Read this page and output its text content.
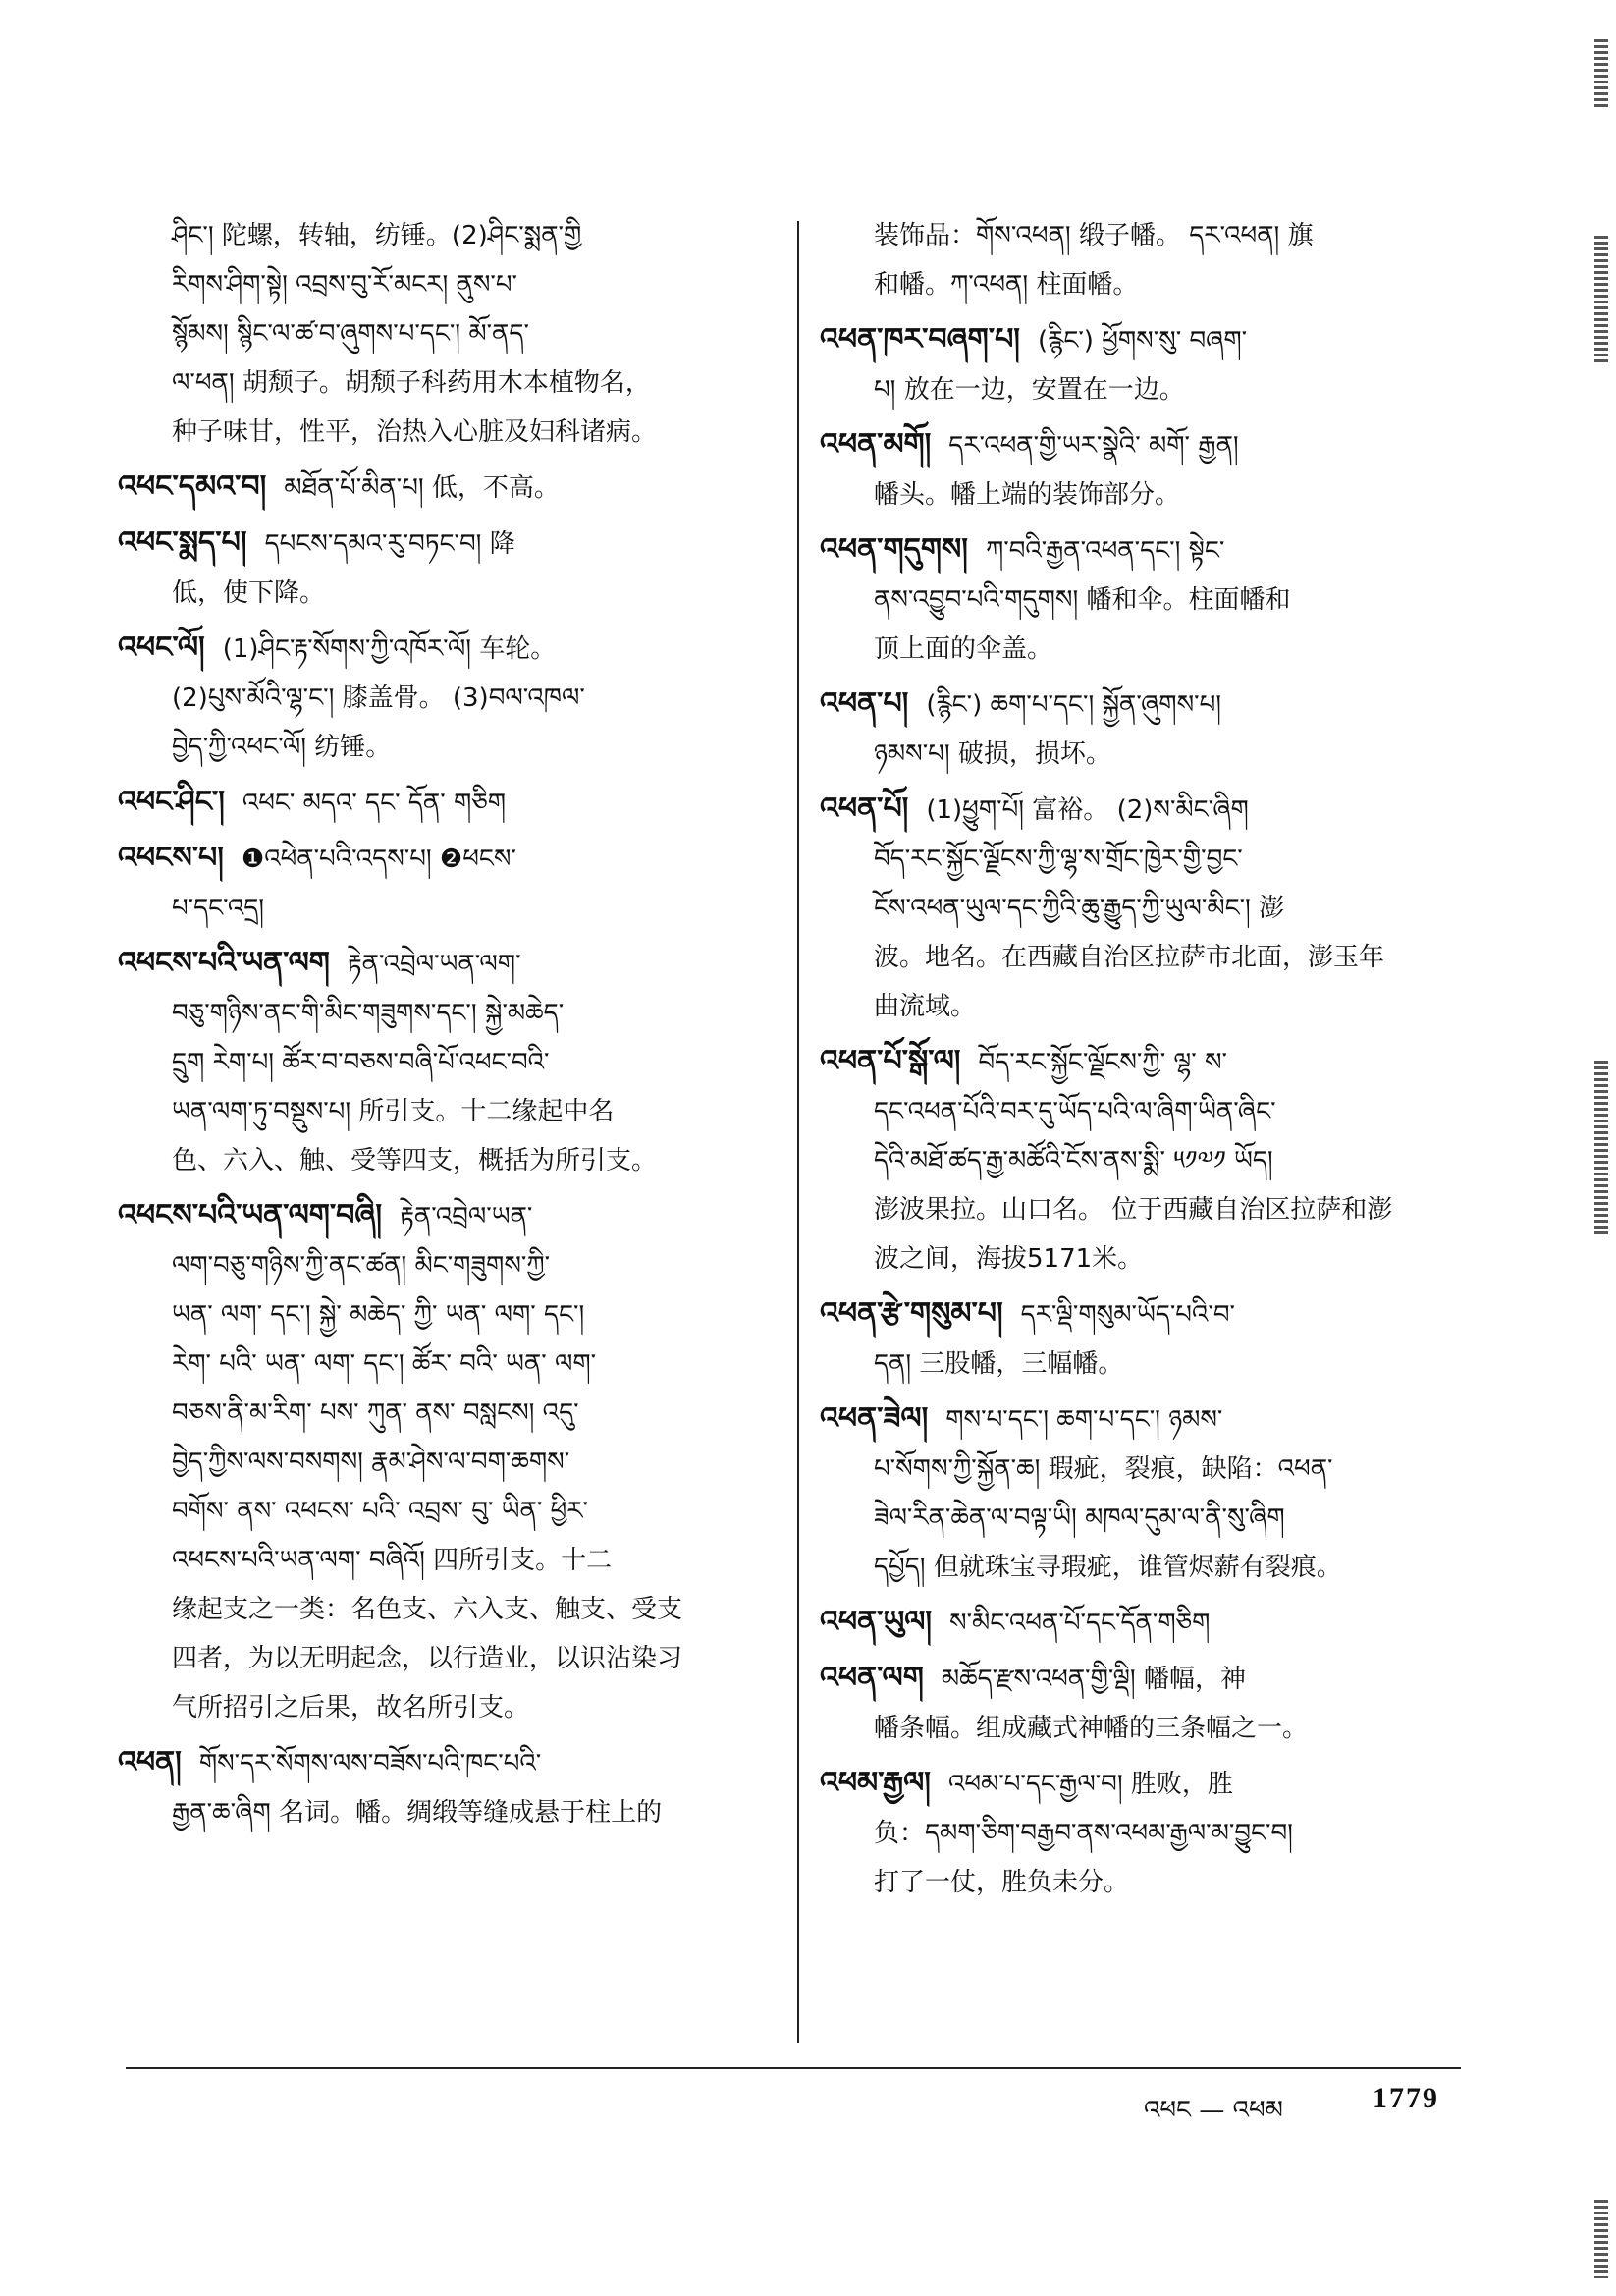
ཤིང་། 陀螺，转轴，纺锤。(2)ཤིང་སྨན་གྱི
རིགས་ཤིག་སྟེ། འབྲས་བུ་ཪོ་མངར། ནུས་པ་
སྙོམས། སྙིང་ལ་ཚ་བ་ཞུགས་པ་དང་། མོ་ནད་
ལ་ཕན། 胡颓子。胡颓子科药用木本植物名，
种子味甘，性平，治热入心脏及妇科诸病。
འཕང་དམའ་བ། མཐོན་པོ་མིན་པ། 低，不高。
འཕང་སྨད་པ། དཔངས་དམའ་རུ་བཏང་བ། 降
低，使下降。
འཕང་ལོ། (1)ཤིང་རྟ་སོགས་ཀྱི་འཁོར་ལོ། 车轮。
(2)པུས་མོའི་ལྷ་ང་། 膝盖骨。 (3)བལ་འཁལ་
བྱེད་ཀྱི་འཕང་ལོ། 纺锤。
འཕང་ཤིང་། འཕང་ མདའ་ དང་ དོན་ གཅིག
འཕངས་པ། ❶འཕེན་པའི་འདས་པ། ❷ཕངས་
པ་དང་འདྲ།
འཕངས་པའི་ཡན་ལག རྟེན་འབྲེལ་ཡན་ལག་
བཅུ་གཉིས་ནང་གི་མིང་གཟུགས་དང་། སྐྱེ་མཆེད་
དྲུག རེག་པ། ཚོར་བ་བཅས་བཞི་པོ་འཕང་བའི་
ཡན་ལག་ཏུ་བསྡུས་པ། 所引支。十二缘起中名
色、六入、触、受等四支，概括为所引支。
འཕངས་པའི་ཡན་ལག་བཞི། རྟེན་འབྲེལ་ཡན་
ལག་བཅུ་གཉིས་ཀྱི་ནང་ཚན། མིང་གཟུགས་ཀྱི་
ཡན་ ལག་ དང་། སྐྱེ་ མཆེད་ ཀྱི་ ཡན་ ལག་ དང་།
རེག་ པའི་ ཡན་ ལག་ དང་། ཚོར་ བའི་ ཡན་ ལག་
བཅས་ནི་མ་རིག་ པས་ ཀུན་ ནས་ བསླངས། འདུ་
བྱེད་ཀྱིས་ལས་བསགས། རྣམ་ཤེས་ལ་བག་ཆགས་
བགོས་ ནས་ འཕངས་ པའི་ འབྲས་ བུ་ ཡིན་ ཕྱིར་
འཕངས་པའི་ཡན་ལག་ བཞིའོ། 四所引支。十二
缘起支之一类：名色支、六入支、触支、受支
四者，为以无明起念，以行造业，以识沾染习
气所招引之后果，故名所引支。
འཕན། གོས་དར་སོགས་ལས་བཟོས་པའི་ཁང་པའི་
རྒྱན་ཆ་ཞིག 名词。幡。绸缎等缝成悬于柱上的
装饰品：གོས་འཕན། 缎子幡。 དར་འཕན། 旗
和幡。ཀ་འཕན། 柱面幡。
འཕན་ཁར་བཞག་པ། (རྙིང་) ཕྱོགས་སུ་ བཞག་
པ། 放在一边，安置在一边。
འཕན་མགོ། དར་འཕན་གྱི་ཡར་སྣེའི་ མགོ་ རྒྱན།
幡头。幡上端的装饰部分。
འཕན་གདུགས། ཀ་བའི་རྒྱན་འཕན་དང་། སྟེང་
ནས་འབྱུབ་པའི་གདུགས། 幡和伞。柱面幡和
顶上面的伞盖。
འཕན་པ། (རྙིང་) ཆག་པ་དང་། སྐྱོན་ཞུགས་པ།
ཉམས་པ། 破损，损坏。
འཕན་པོ། (1)ཕྱུག་པོ། 富裕。 (2)ས་མིང་ཞིག
བོད་རང་སྐྱོང་ལྗོངས་ཀྱི་ལྷ་ས་གྲོང་ཁྱེར་གྱི་བྱང་
ངོས་འཕན་ཡུལ་དང་ཀྱིའི་ཆུ་རྒྱུད་ཀྱི་ཡུལ་མིང་། 澎
波。地名。在西藏自治区拉萨市北面，澎玉年
曲流域。
འཕན་པོ་སྒོ་ལ། བོད་རང་སྐྱོང་ལྗོངས་ཀྱི་ ལྷ་ ས་
དང་འཕན་པོའི་བར་དུ་ཡོད་པའི་ལ་ཞིག་ཡིན་ཞིང་
དེའི་མཐོ་ཚད་རྒྱ་མཚོའི་ངོས་ནས་སྨི་ ༥༡༧༡ ཡོད།
澎波果拉。山口名。 位于西藏自治区拉萨和澎
波之间，海拔5171米。
འཕན་རྩེ་གསུམ་པ། དར་ལྡི་གསུམ་ཡོད་པའི་བ་
དན། 三股幡，三幅幡。
འཕན་ཟེལ། གས་པ་དང་། ཆག་པ་དང་། ཉམས་
པ་སོགས་ཀྱི་སྐྱོན་ཆ། 瑕疵，裂痕，缺陷：འཕན་
ཟེལ་རིན་ཆེན་ལ་བལྟ་ཡི། མཁལ་དུམ་ལ་ནི་སུ་ཞིག
དཔྱོད། 但就珠宝寻瑕疵，谁管烬薪有裂痕。
འཕན་ཡུལ། ས་མིང་འཕན་པོ་དང་དོན་གཅིག
འཕན་ལག མཆོད་རྫས་འཕན་གྱི་ལྡི། 幡幅，神
幡条幅。组成藏式神幡的三条幅之一。
འཕམ་རྒྱལ། འཕམ་པ་དང་རྒྱལ་བ། 胜败，胜
负：དམག་ཅིག་བརྒྱབ་ནས་འཕམ་རྒྱལ་མ་བྱུང་བ།
打了一仗，胜负未分。
འཕང — འཕམ	1779
